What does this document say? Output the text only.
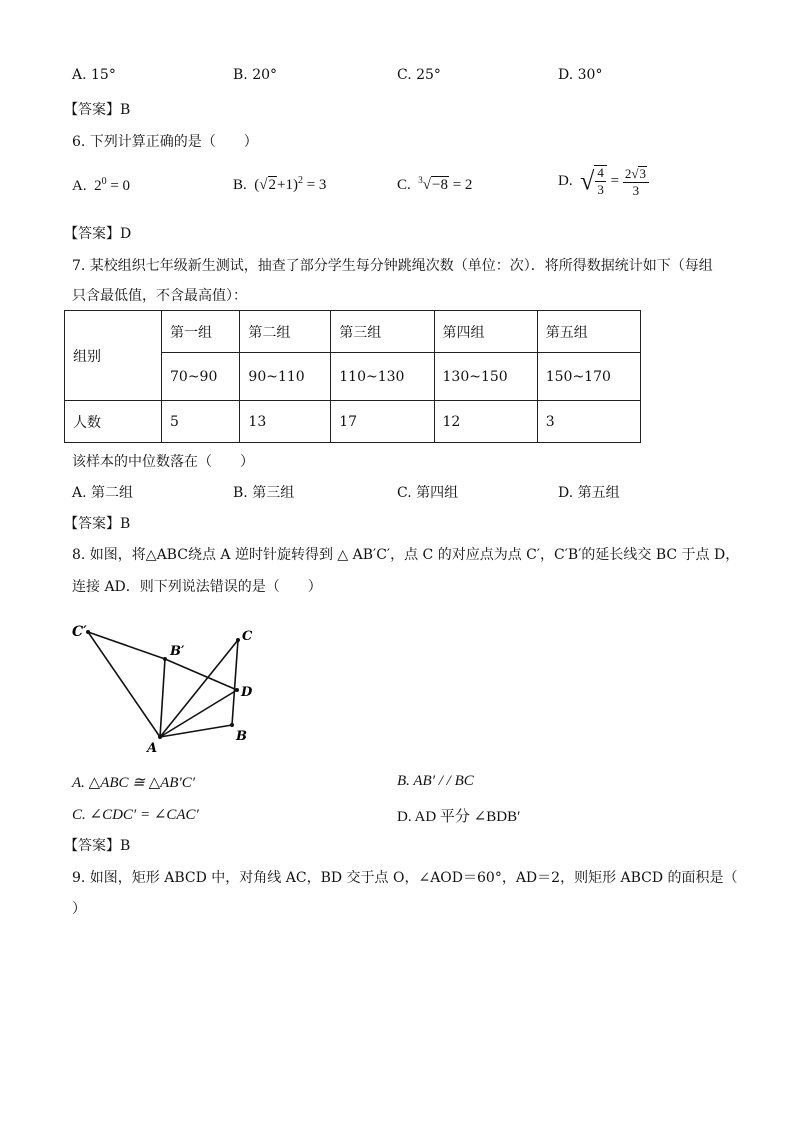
A. 15°	B. 20°	C. 25°	D. 30°
【答案】B
6. 下列计算正确的是（　　）
A. $2^0 = 0$	B. $(√2+1)^2 = 3$	C. $^3$√−8 = 2	D. √ $\frac{4}{3} = \frac{2√3}{3}$
【答案】D
7. 某校组织七年级新生测试，抽查了部分学生每分钟跳绳次数（单位：次）．将所得数据统计如下（每组
只含最低值，不含最高值）：
组别	第一组	第二组	第三组	第四组	第五组
	70~90	90~110	110~130	130~150	150~170
人数	5	13	17	12	3
该样本的中位数落在（　　）
A. 第二组	B. 第三组	C. 第四组	D. 第五组
【答案】B
8. 如图，将△ABC绕点 A 逆时针旋转得到 △ AB′C′，点 C 的对应点为点 C′，C′B′的延长线交 BC 于点 D，
连接 AD．则下列说法错误的是（　　）
C′
B′
C
D
A
B
A. △ABC ≅ △AB′C′	B. AB′ / / BC
C. ∠CDC′ = ∠CAC′	D. AD 平分 ∠BDB′
【答案】B
9. 如图，矩形 ABCD 中，对角线 AC，BD 交于点 O，∠AOD＝60°，AD＝2，则矩形 ABCD 的面积是（
）
